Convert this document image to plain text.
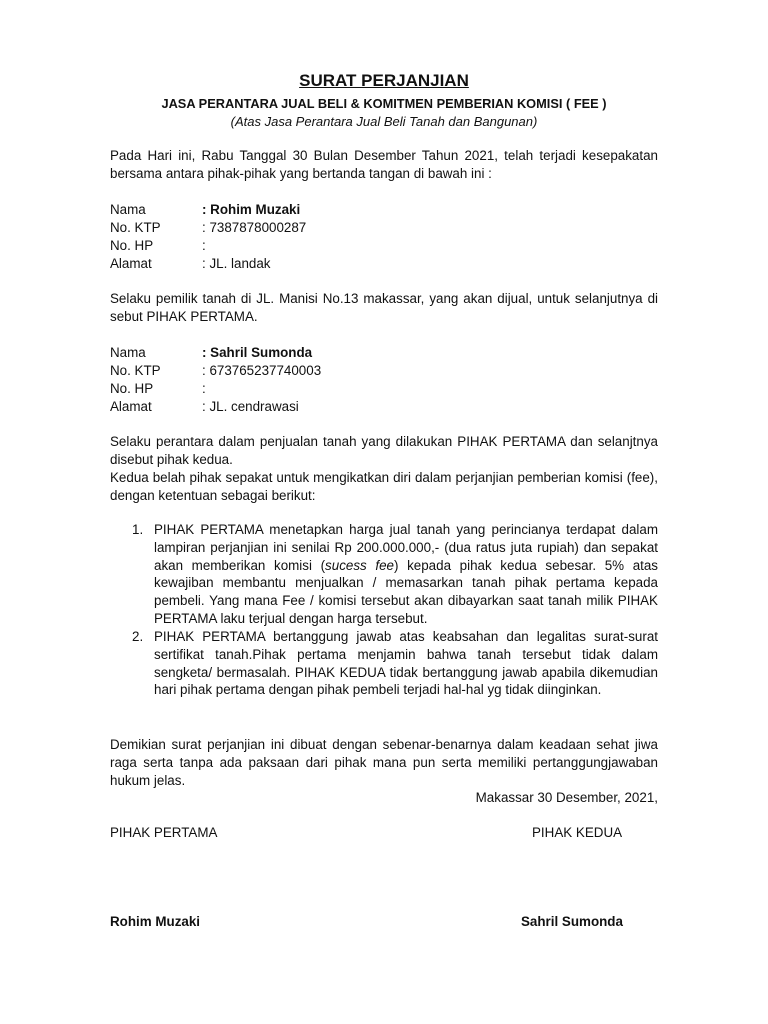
SURAT PERJANJIAN
JASA PERANTARA JUAL BELI & KOMITMEN PEMBERIAN KOMISI ( FEE )
(Atas Jasa Perantara Jual Beli Tanah dan Bangunan)
Pada Hari ini, Rabu Tanggal 30 Bulan Desember Tahun 2021, telah terjadi kesepakatan bersama antara pihak-pihak yang bertanda tangan di bawah ini :
Nama	: Rohim Muzaki
No. KTP	: 7387878000287
No. HP	:
Alamat	: JL. landak
Selaku pemilik tanah di JL. Manisi No.13 makassar, yang akan dijual, untuk selanjutnya di sebut PIHAK PERTAMA.
Nama	: Sahril Sumonda
No. KTP	: 673765237740003
No. HP	:
Alamat	: JL. cendrawasi
Selaku perantara dalam penjualan tanah yang dilakukan PIHAK PERTAMA dan selanjtnya disebut pihak kedua.
Kedua belah pihak sepakat untuk mengikatkan diri dalam perjanjian pemberian komisi (fee), dengan ketentuan sebagai berikut:
1. PIHAK PERTAMA menetapkan harga jual tanah yang perincianya terdapat dalam lampiran perjanjian ini senilai Rp 200.000.000,- (dua ratus juta rupiah) dan sepakat akan memberikan komisi (sucess fee) kepada pihak kedua sebesar. 5% atas kewajiban membantu menjualkan / memasarkan tanah pihak pertama kepada pembeli. Yang mana Fee / komisi tersebut akan dibayarkan saat tanah milik PIHAK PERTAMA laku terjual dengan harga tersebut.
2. PIHAK PERTAMA bertanggung jawab atas keabsahan dan legalitas surat-surat sertifikat tanah.Pihak pertama menjamin bahwa tanah tersebut tidak dalam sengketa/ bermasalah. PIHAK KEDUA tidak bertanggung jawab apabila dikemudian hari pihak pertama dengan pihak pembeli terjadi hal-hal yg tidak diinginkan.
Demikian surat perjanjian ini dibuat dengan sebenar-benarnya dalam keadaan sehat jiwa raga serta tanpa ada paksaan dari pihak mana pun serta memiliki pertanggungjawaban hukum jelas.
Makassar 30 Desember, 2021,
PIHAK PERTAMA	PIHAK KEDUA
Rohim Muzaki	Sahril Sumonda
